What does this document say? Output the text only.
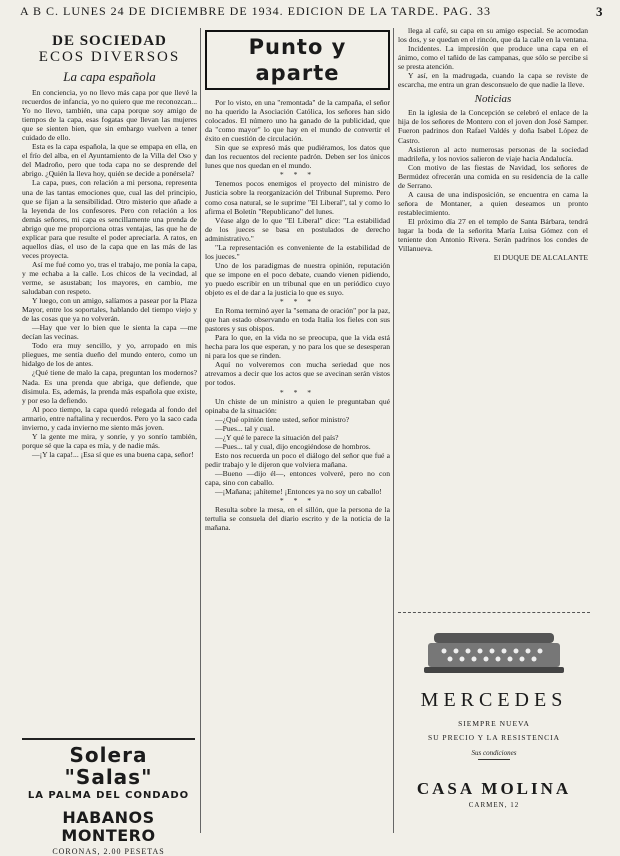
A B C. LUNES 24 DE DICIEMBRE DE 1934. EDICION DE LA TARDE. PAG. 33	3
DE SOCIEDAD
ECOS DIVERSOS
La capa española

En conciencia, yo no llevo más capa por que llevé la recuerdos de infancia, yo no quiero que me reconozcan... Yo no llevo, también, una capa porque soy amigo de tiempos de la capa, esas fogatas que llevan las mujeres que se sienten bien, que sin embargo vuelven a tener cuidado de ello.

Esta es la capa española, la que se empapa en ella, en el frío del alba, en el Ayuntamiento de la Villa del Oso y del Madroño, pero que toda capa no se desprende del abrigo. ¿Quién la lleva hoy, quién se decide a ponérsela?

La capa, pues, con relación a mi persona, representa una de las tantas emociones que, cual las del principio, que se fijan a la sensibilidad. Otro misterio que añade a la leyenda de los confesores. Pero con relación a los demás señores, mi capa es sencillamente una prenda de abrigo que me proporciona otras ventajas, las que he de explicar para que resulte el poder apreciarla. A ratos, en aquellos días, el uso de la capa que en las más de las veces proyecta.

Así me fué como yo, tras el trabajo, me ponía la capa, y me echaba a la calle. Los chicos de la vecindad, al verme, se asustaban; los mayores, en cambio, me saludaban con respeto.

Y luego, con un amigo, salíamos a pasear por la Plaza Mayor, entre los soportales, hablando del tiempo viejo y de las cosas que ya no volverán.

—Hay que ver lo bien que le sienta la capa —me decían las vecinas.

Todo era muy sencillo, y yo, arropado en mis pliegues, me sentía dueño del mundo entero, como un hidalgo de los de antes.

¿Qué tiene de malo la capa, preguntan los modernos? Nada. Es una prenda que abriga, que defiende, que disimula. Es, además, la prenda más española que existe, y por eso la defiendo.

Al poco tiempo, la capa quedó relegada al fondo del armario, entre naftalina y recuerdos. Pero yo la saco cada invierno, y cada invierno me siento más joven.

Y la gente me mira, y sonríe, y yo sonrío también, porque sé que la capa es mía, y de nadie más.

—¡Y la capa!... ¡Esa sí que es una buena capa, señor!

Solera "Salas"
LA PALMA DEL CONDADO
HABANOS MONTERO
CORONAS, 2.00 PESETAS
Punto y aparte

Por lo visto, en una "remontada" de la campaña, el señor no ha querido la Asociación Católica, los señores han sido colocados. El número uno ha ganado de la publicidad, que da "como mayor" lo que hay en el mundo de convertir el éxito en cuestión de circulación.

Sin que se expresó más que pudiéramos, los datos que dan los recuentos del reciente padrón. Deben ser los únicos lunes que nos quedan en el mundo.

* * *

Tenemos pocos enemigos el proyecto del ministro de Justicia sobre la reorganización del Tribunal Supremo. Pero como cosa natural, se le suprime "El Liberal", tal y como lo afirma el Boletín "Republicano" del lunes.

Véase algo de lo que "El Liberal" dice: "La estabilidad de los jueces se basa en postulados de derecho administrativo."

"La representación es conveniente de la estabilidad de los jueces."

Uno de los paradigmas de nuestra opinión, reputación que se impone en el poco debate, cuando vienen pidiendo, yo puedo escribir en un tribunal que en un periódico cuyo objeto es el de dar a la justicia lo que es suyo.

* * *

En Roma terminó ayer la "semana de oración" por la paz, que han estado observando en toda Italia los fieles con sus pastores y sus obispos.

Para lo que, en la vida no se preocupa, que la vida está hecha para los que esperan, y no para los que se desesperan ni para los que se rinden.

Aquí no volveremos con mucha seriedad que nos atrevamos a decir que los actos que se avecinan serán vistos por todos.

* * *

Un chiste de un ministro a quien le preguntaban qué opinaba de la situación:

—¿Qué opinión tiene usted, señor ministro?

—Pues... tal y cual.

—¿Y qué le parece la situación del país?

—Pues... tal y cual, dijo encogiéndose de hombros.

Esto nos recuerda un poco el diálogo del señor que fué a pedir trabajo y le dijeron que volviera mañana.

—Bueno —dijo él—, entonces volveré, pero no con capa, sino con caballo.

—¡Mañana; ¡ahíteme! ¡Entonces ya no soy un caballo!

* * *

Resulta sobre la mesa, en el sillón, que la persona de la tertulia se consuela del diario escrito y de la noticia de la mañana.

llega al café, su capa en su amigo especial. Se acomodan los dos, y se quedan en el rincón, que da la calle en la ventana.

Incidentes. La impresión que produce una capa en el ánimo, como el tañido de las campanas, que sólo se percibe si se presta atención.

Y así, en la madrugada, cuando la capa se reviste de escarcha, me entra un gran desconsuelo de que nadie la lleve.

Noticias

En la iglesia de la Concepción se celebró el enlace de la hija de los señores de Montero con el joven don José Samper. Fueron padrinos don Rafael Valdés y doña Isabel López de Castro.

Asistieron al acto numerosas personas de la sociedad madrileña, y los novios salieron de viaje hacia Andalucía.

Con motivo de las fiestas de Navidad, los señores de Bermúdez ofrecerán una comida en su residencia de la calle de Serrano.

A causa de una indisposición, se encuentra en cama la señora de Montaner, a quien deseamos un pronto restablecimiento.

El próximo día 27 en el templo de Santa Bárbara, tendrá lugar la boda de la señorita María Luisa Gómez con el teniente don Antonio Rivera. Serán padrinos los condes de Villanueva.

El DUQUE DE ALCALANTE

MERCEDES
SIEMPRE NUEVA
SU PRECIO Y LA RESISTENCIA
Sus condiciones
CASA MOLINA
CARMEN, 12
